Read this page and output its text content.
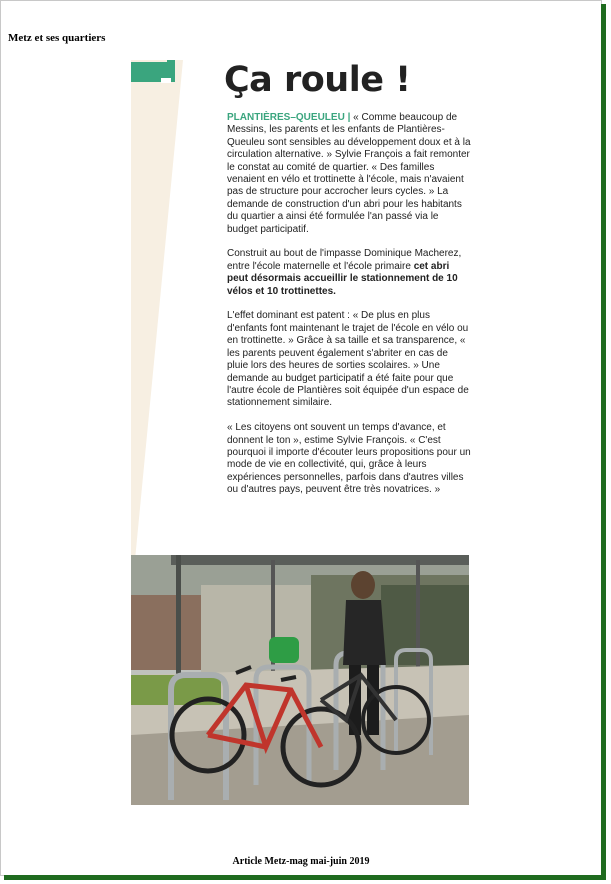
Metz et ses quartiers
Ça roule !

PLANTIÈRES–QUEULEU | « Comme beaucoup de Messins, les parents et les enfants de Plantières-Queuleu sont sensibles au développement doux et à la circulation alternative. » Sylvie François a fait remonter le constat au comité de quartier. « Des familles venaient en vélo et trottinette à l'école, mais n'avaient pas de structure pour accrocher leurs cycles. » La demande de construction d'un abri pour les habitants du quartier a ainsi été formulée l'an passé via le budget participatif.

Construit au bout de l'impasse Dominique Macherez, entre l'école maternelle et l'école primaire cet abri peut désormais accueillir le stationnement de 10 vélos et 10 trottinettes.

L'effet dominant est patent : « De plus en plus d'enfants font maintenant le trajet de l'école en vélo ou en trottinette. » Grâce à sa taille et sa transparence, « les parents peuvent également s'abriter en cas de pluie lors des heures de sorties scolaires. » Une demande au budget participatif a été faite pour que l'autre école de Plantières soit équipée d'un espace de stationnement similaire.

« Les citoyens ont souvent un temps d'avance, et donnent le ton », estime Sylvie François. « C'est pourquoi il importe d'écouter leurs propositions pour un mode de vie en collectivité, qui, grâce à leurs expériences personnelles, parfois dans d'autres villes ou d'autres pays, peuvent être très novatrices. »

Article Metz-mag mai-juin 2019
